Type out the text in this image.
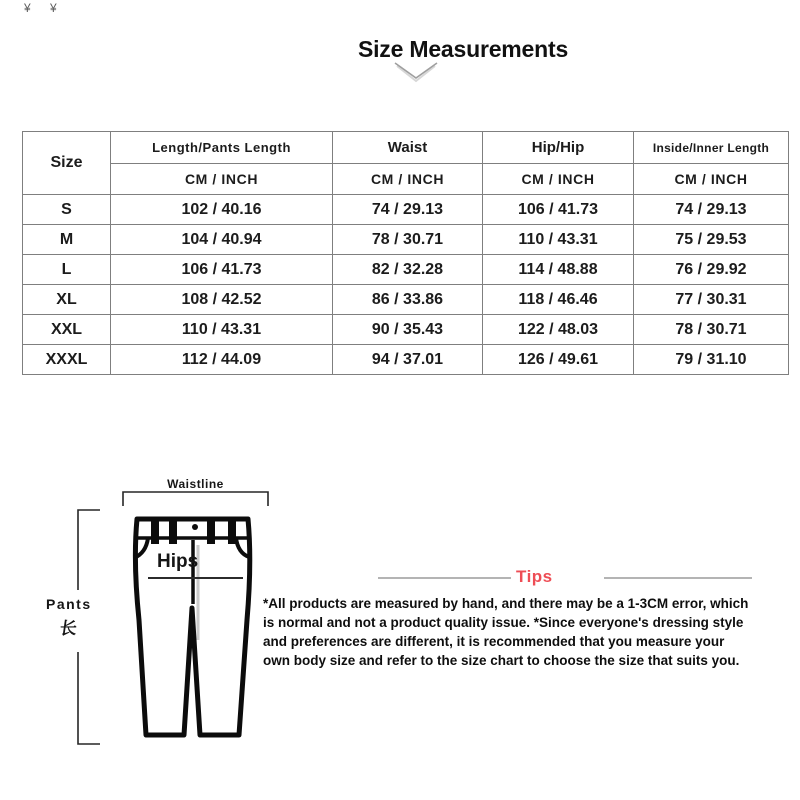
¥ ¥
Size Measurements
Size	Length/Pants Length	Waist	Hip/Hip	Inside/Inner Length
	CM / INCH	CM / INCH	CM / INCH	CM / INCH
S	102 / 40.16	74 / 29.13	106 / 41.73	74 / 29.13
M	104 / 40.94	78 / 30.71	110 / 43.31	75 / 29.53
L	106 / 41.73	82 / 32.28	114 / 48.88	76 / 29.92
XL	108 / 42.52	86 / 33.86	118 / 46.46	77 / 30.31
XXL	110 / 43.31	90 / 35.43	122 / 48.03	78 / 30.71
XXXL	112 / 44.09	94 / 37.01	126 / 49.61	79 / 31.10
Waistline
Hips
Pants
长
Tips
*All products are measured by hand, and there may be a 1-3CM error, which
is normal and not a product quality issue. *Since everyone's dressing style
and preferences are different, it is recommended that you measure your
own body size and refer to the size chart to choose the size that suits you.
